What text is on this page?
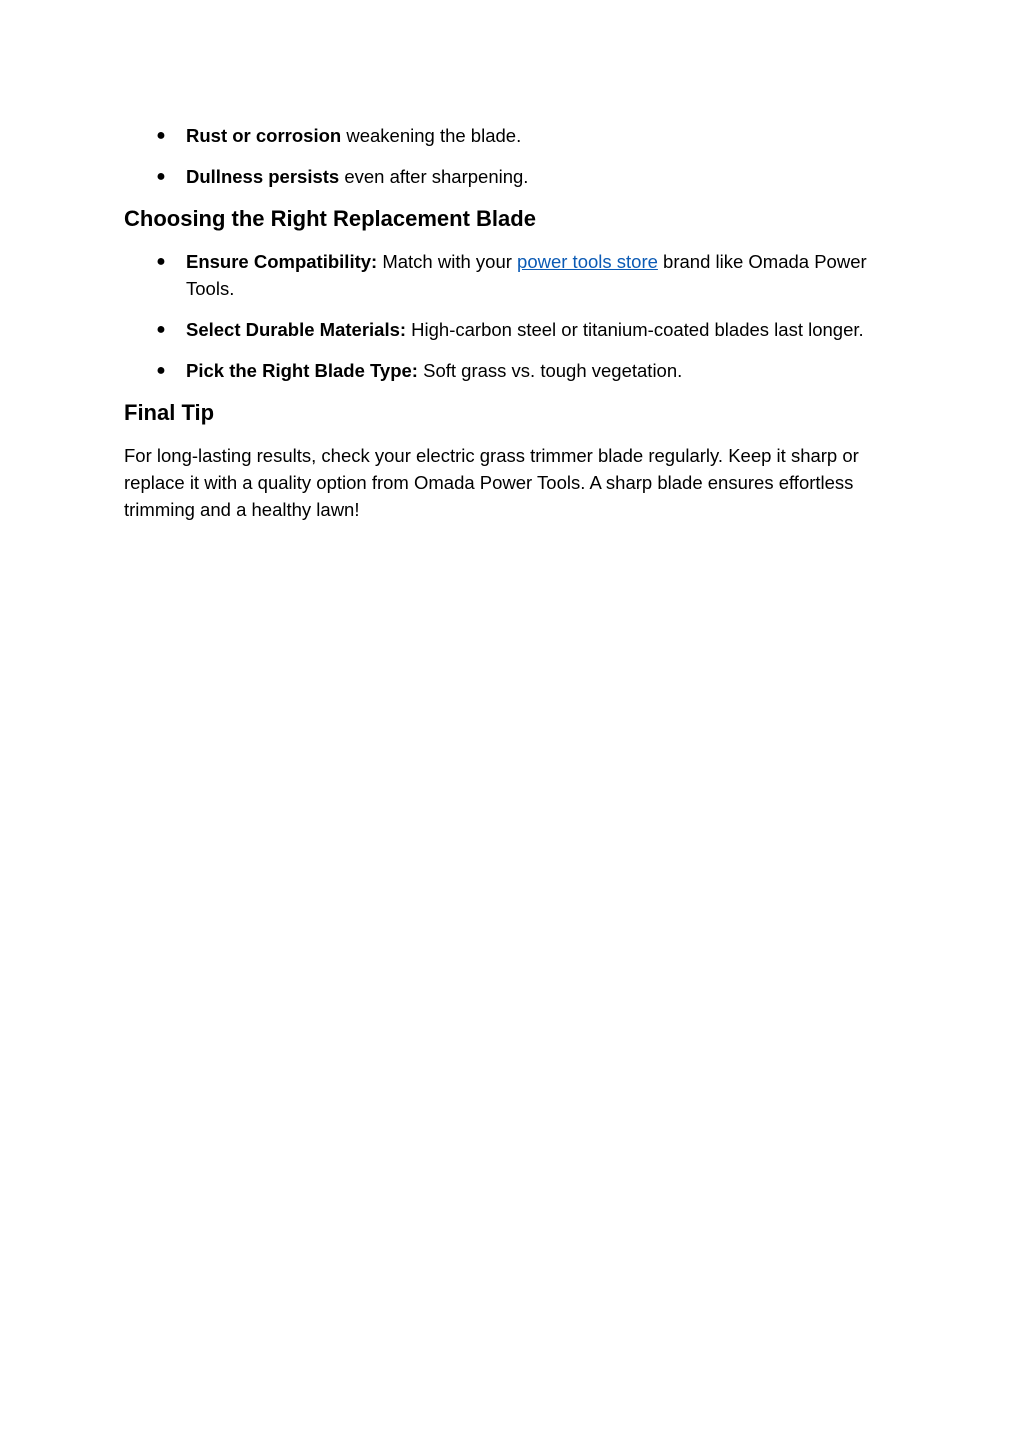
● Rust or corrosion weakening the blade.
● Dullness persists even after sharpening.
Choosing the Right Replacement Blade
● Ensure Compatibility: Match with your power tools store brand like Omada Power Tools.
● Select Durable Materials: High-carbon steel or titanium-coated blades last longer.
● Pick the Right Blade Type: Soft grass vs. tough vegetation.
Final Tip

For long-lasting results, check your electric grass trimmer blade regularly. Keep it sharp or replace it with a quality option from Omada Power Tools. A sharp blade ensures effortless trimming and a healthy lawn!
